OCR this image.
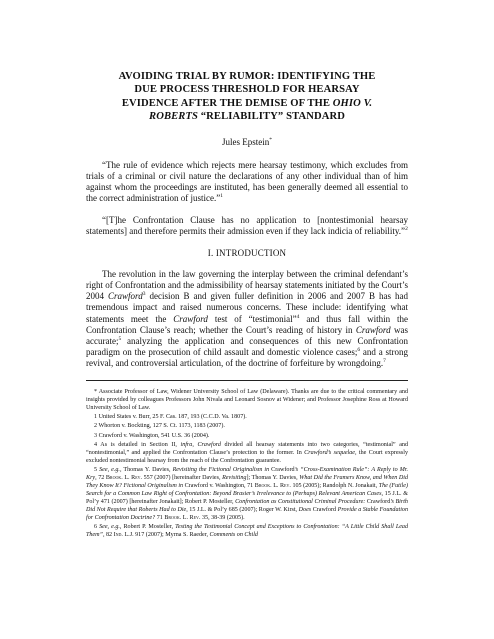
AVOIDING TRIAL BY RUMOR: IDENTIFYING THE
DUE PROCESS THRESHOLD FOR HEARSAY
EVIDENCE AFTER THE DEMISE OF THE OHIO V.
ROBERTS “RELIABILITY” STANDARD
Jules Epstein*

“The rule of evidence which rejects mere hearsay testimony, which excludes from trials of a criminal or civil nature the declarations of any other individual than of him against whom the proceedings are instituted, has been generally deemed all essential to the correct administration of justice.”$^1$

“[T]he Confrontation Clause has no application to [nontestimonial hearsay statements] and therefore permits their admission even if they lack indicia of reliability.”$^2$

I. INTRODUCTION

The revolution in the law governing the interplay between the criminal defendant’s right of Confrontation and the admissibility of hearsay statements initiated by the Court’s 2004 Crawford$^3$ decision B and given fuller definition in 2006 and 2007 B has had tremendous impact and raised numerous concerns. These include: identifying what statements meet the Crawford test of “testimonial”$^4$ and thus fall within the Confrontation Clause’s reach; whether the Court’s reading of history in Crawford was accurate;$^5$ analyzing the application and consequences of this new Confrontation paradigm on the prosecution of child assault and domestic violence cases;$^6$ and a strong revival, and controversial articulation, of the doctrine of forfeiture by wrongdoing.$^7$

* Associate Professor of Law, Widener University School of Law (Delaware). Thanks are due to the critical commentary and insights provided by colleagues Professors John Nivala and Leonard Sosnov at Widener; and Professor Josephine Ross at Howard University School of Law.

1 United States v. Burr, 25 F. Cas. 187, 193 (C.C.D. Va. 1807).

2 Whorton v. Bockting, 127 S. Ct. 1173, 1183 (2007).

3 Crawford v. Washington, 541 U.S. 36 (2004).

4 As is detailed in Section II, infra, Crawford divided all hearsay statements into two categories, “testimonial” and “nontestimonial,” and applied the Confrontation Clause’s protection to the former. In Crawford’s sequelae, the Court expressly excluded nontestimonial hearsay from the reach of the Confrontation guarantee.

5 See, e.g., Thomas Y. Davies, Revisiting the Fictional Originalism in Crawford’s “Cross-Examination Rule”: A Reply to Mr. Kry, 72 Brook. L. Rev. 557 (2007) [hereinafter Davies, Revisiting]; Thomas Y. Davies, What Did the Framers Know, and When Did They Know It? Fictional Originalism in Crawford v. Washington, 71 Brook. L. Rev. 105 (2005); Randolph N. Jonakait, The (Futile) Search for a Common Law Right of Confrontation: Beyond Brasier’s Irrelevance to (Perhaps) Relevant American Cases, 15 J.L. & Pol’y 471 (2007) [hereinafter Jonakait]; Robert P. Mosteller, Confrontation as Constitutional Criminal Procedure: Crawford’s Birth Did Not Require that Roberts Had to Die, 15 J.L. & Pol’y 685 (2007); Roger W. Kirst, Does Crawford Provide a Stable Foundation for Confrontation Doctrine? 71 Brook. L. Rev. 35, 38-39 (2005).

6 See, e.g., Robert P. Mosteller, Testing the Testimonial Concept and Exceptions to Confrontation: “A Little Child Shall Lead Them”, 82 Ind. L.J. 917 (2007); Myrna S. Raeder, Comments on Child
